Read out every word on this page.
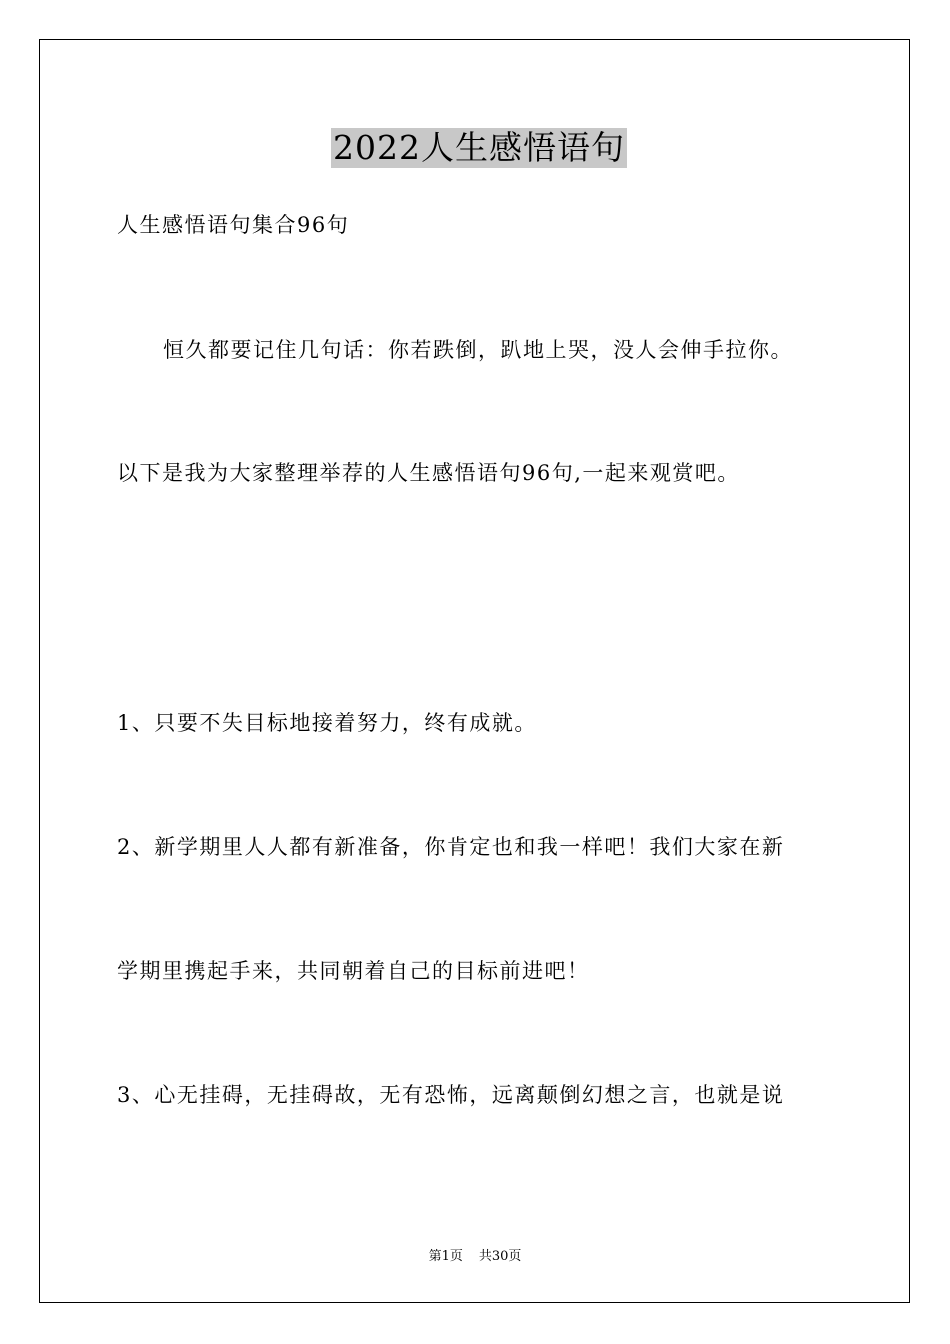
2022人生感悟语句
人生感悟语句集合96句
恒久都要记住几句话：你若跌倒，趴地上哭，没人会伸手拉你。
以下是我为大家整理举荐的人生感悟语句96句,一起来观赏吧。
1、只要不失目标地接着努力，终有成就。
2、新学期里人人都有新准备，你肯定也和我一样吧！我们大家在新
学期里携起手来，共同朝着自己的目标前进吧！
3、心无挂碍，无挂碍故，无有恐怖，远离颠倒幻想之言，也就是说
第1页 共30页
